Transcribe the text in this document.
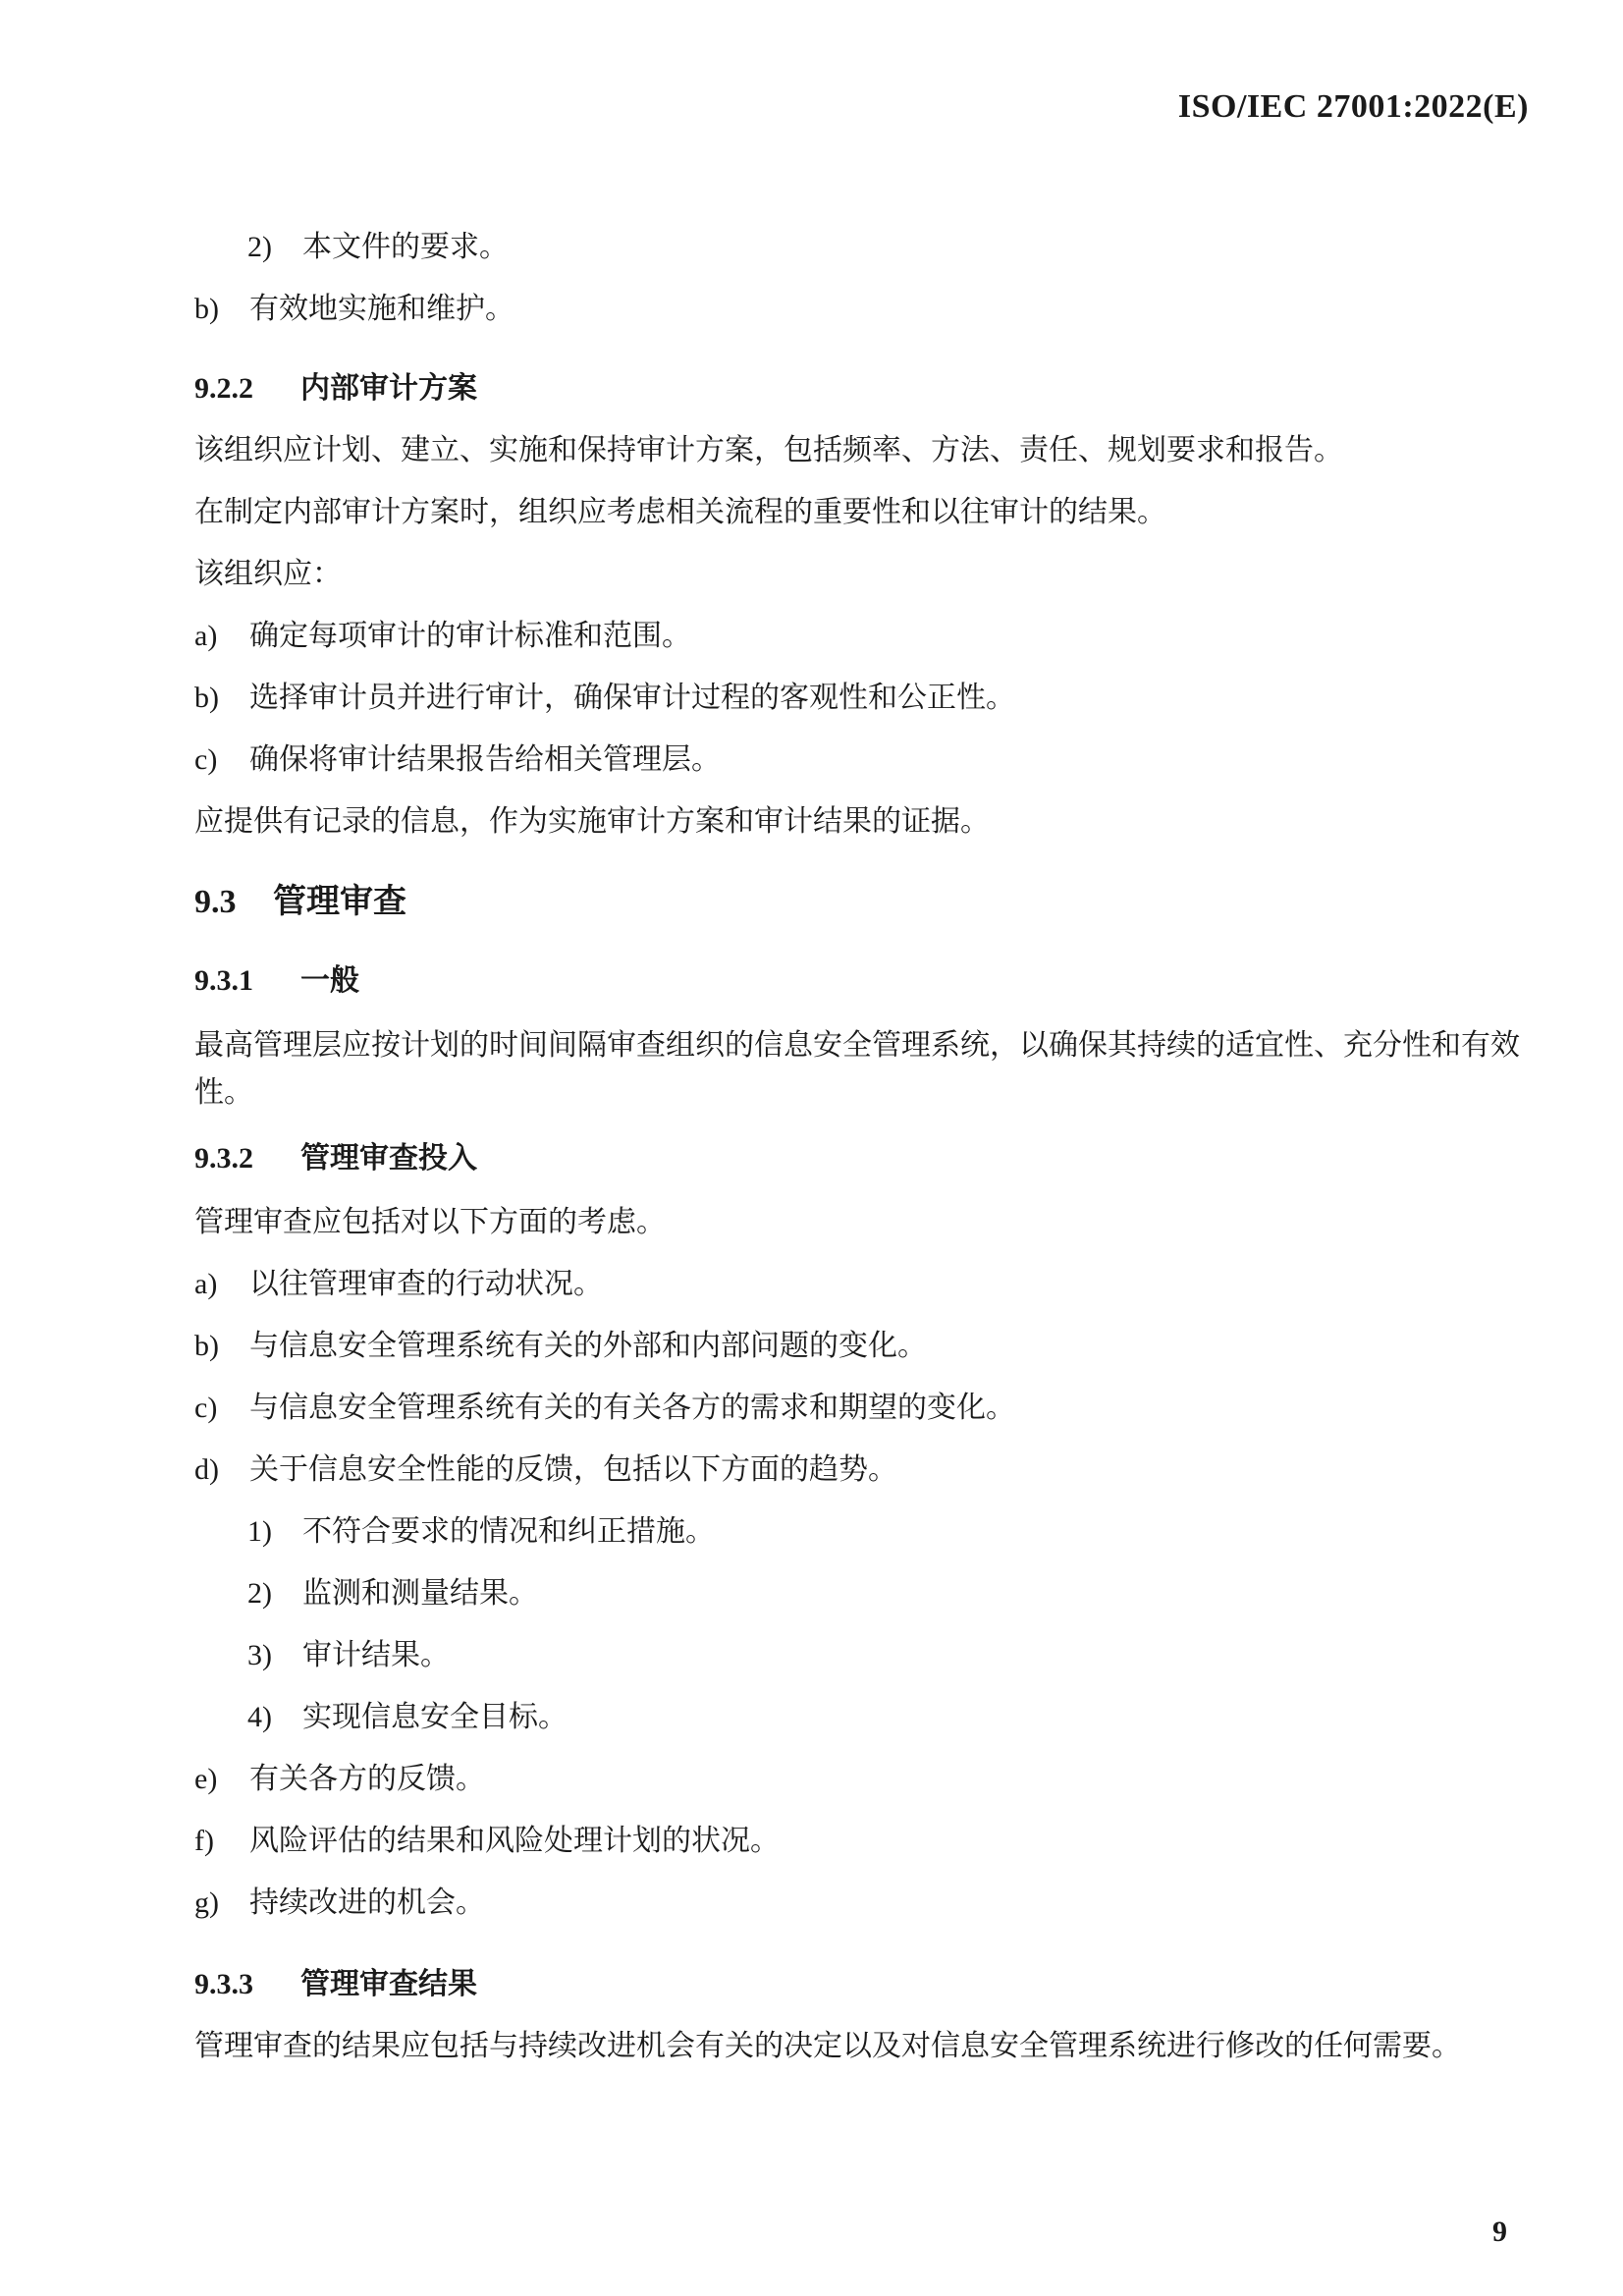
ISO/IEC 27001:2022(E)
2) 本文件的要求。
b) 有效地实施和维护。
9.2.2 内部审计方案
该组织应计划、建立、实施和保持审计方案，包括频率、方法、责任、规划要求和报告。
在制定内部审计方案时，组织应考虑相关流程的重要性和以往审计的结果。
该组织应：
a) 确定每项审计的审计标准和范围。
b) 选择审计员并进行审计，确保审计过程的客观性和公正性。
c) 确保将审计结果报告给相关管理层。
应提供有记录的信息，作为实施审计方案和审计结果的证据。
9.3 管理审查
9.3.1 一般
最高管理层应按计划的时间间隔审查组织的信息安全管理系统，以确保其持续的适宜性、充分性和有效性。
9.3.2 管理审查投入
管理审查应包括对以下方面的考虑。
a) 以往管理审查的行动状况。
b) 与信息安全管理系统有关的外部和内部问题的变化。
c) 与信息安全管理系统有关的有关各方的需求和期望的变化。
d) 关于信息安全性能的反馈，包括以下方面的趋势。
1) 不符合要求的情况和纠正措施。
2) 监测和测量结果。
3) 审计结果。
4) 实现信息安全目标。
e) 有关各方的反馈。
f) 风险评估的结果和风险处理计划的状况。
g) 持续改进的机会。
9.3.3 管理审查结果
管理审查的结果应包括与持续改进机会有关的决定以及对信息安全管理系统进行修改的任何需要。
9
